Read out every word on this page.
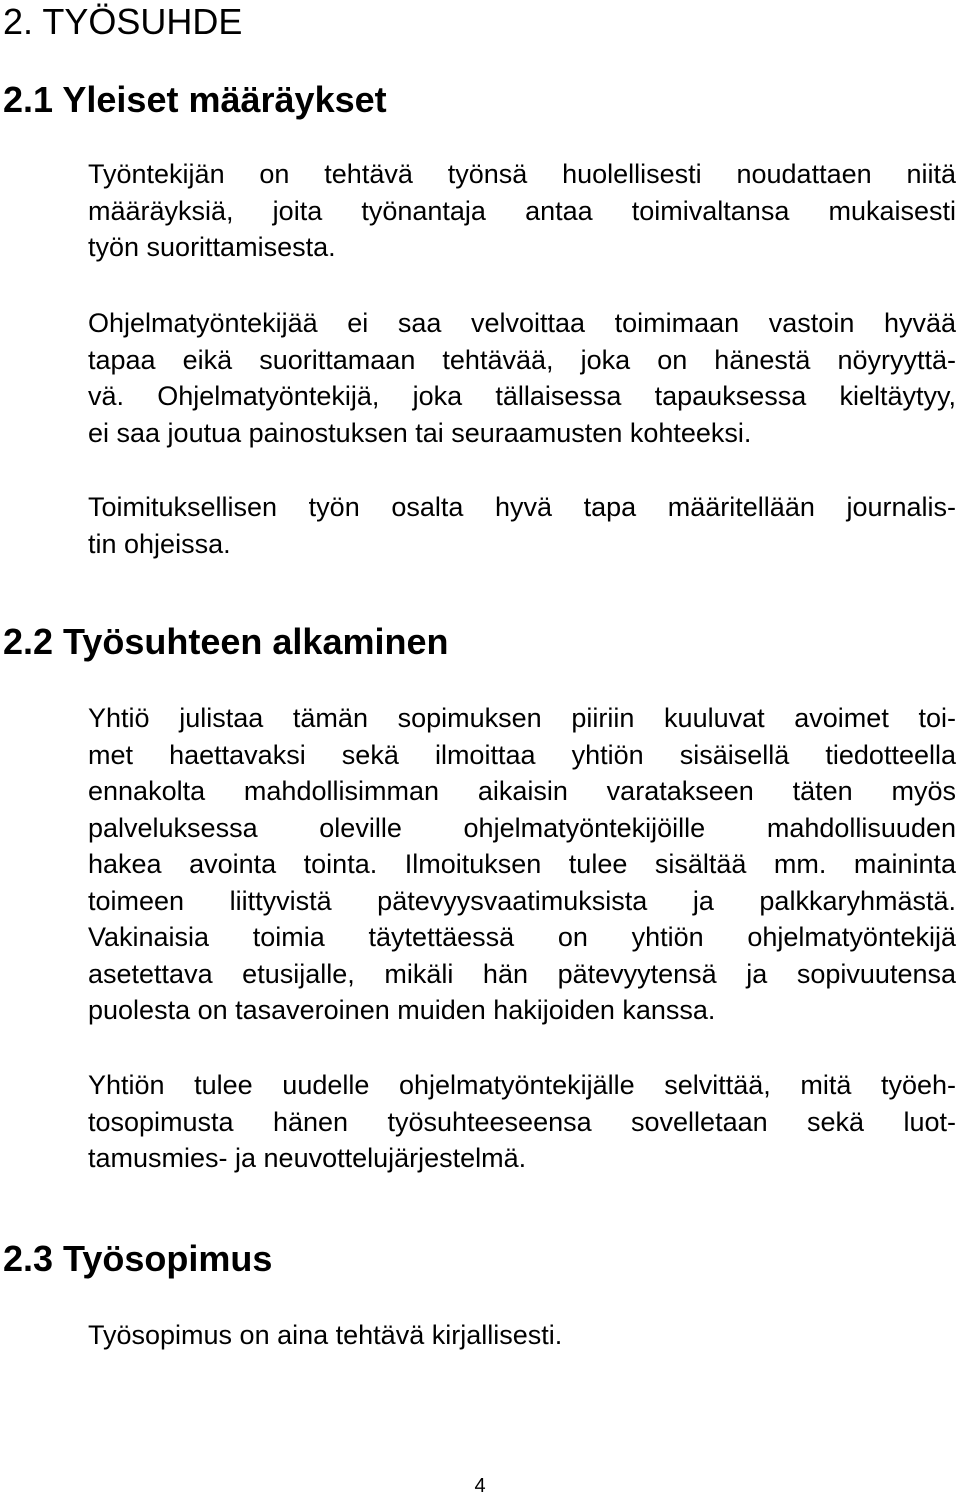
2. TYÖSUHDE
2.1 Yleiset määräykset

Työntekijän on tehtävä työnsä huolellisesti noudattaen niitä
määräyksiä, joita työnantaja antaa toimivaltansa mukaisesti
työn suorittamisesta.

Ohjelmatyöntekijää ei saa velvoittaa toimimaan vastoin hyvää
tapaa eikä suorittamaan tehtävää, joka on hänestä nöyryyttä-
vä. Ohjelmatyöntekijä, joka tällaisessa tapauksessa kieltäytyy,
ei saa joutua painostuksen tai seuraamusten kohteeksi.

Toimituksellisen työn osalta hyvä tapa määritellään journalis-
tin ohjeissa.

2.2 Työsuhteen alkaminen

Yhtiö julistaa tämän sopimuksen piiriin kuuluvat avoimet toi-
met haettavaksi sekä ilmoittaa yhtiön sisäisellä tiedotteella
ennakolta mahdollisimman aikaisin varatakseen täten myös
palveluksessa oleville ohjelmatyöntekijöille mahdollisuuden
hakea avointa tointa. Ilmoituksen tulee sisältää mm. maininta
toimeen liittyvistä pätevyysvaatimuksista ja palkkaryhmästä.
Vakinaisia toimia täytettäessä on yhtiön ohjelmatyöntekijä
asetettava etusijalle, mikäli hän pätevyytensä ja sopivuutensa
puolesta on tasaveroinen muiden hakijoiden kanssa.

Yhtiön tulee uudelle ohjelmatyöntekijälle selvittää, mitä työeh-
tosopimusta hänen työsuhteeseensa sovelletaan sekä luot-
tamusmies- ja neuvottelujärjestelmä.

2.3 Työsopimus

Työsopimus on aina tehtävä kirjallisesti.

4
